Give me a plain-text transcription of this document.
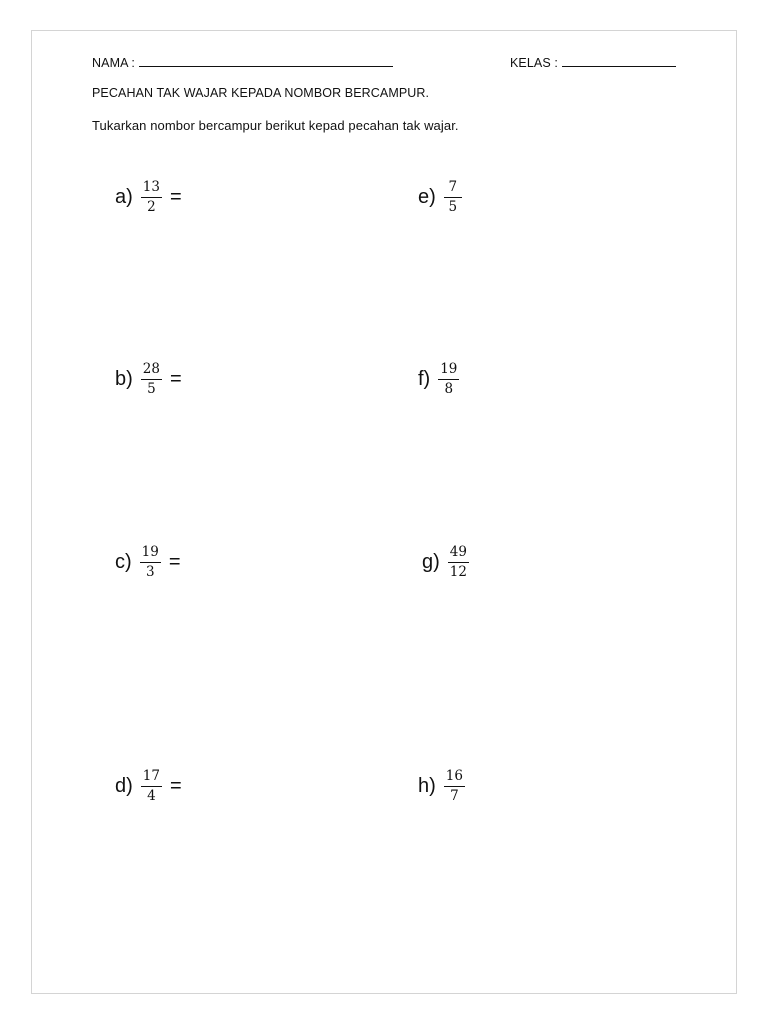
NAMA :	KELAS :
PECAHAN TAK WAJAR KEPADA NOMBOR BERCAMPUR.
Tukarkan nombor bercampur berikut kepad pecahan tak wajar.
$a) \frac{13}{2}$ =
$b) \frac{28}{5}$ =
$c) \frac{19}{3}$ =
$d) \frac{17}{4}$ =
$e) \frac{7}{5}$
$f) \frac{19}{8}$
$g) \frac{49}{12}$
$h) \frac{16}{7}$
